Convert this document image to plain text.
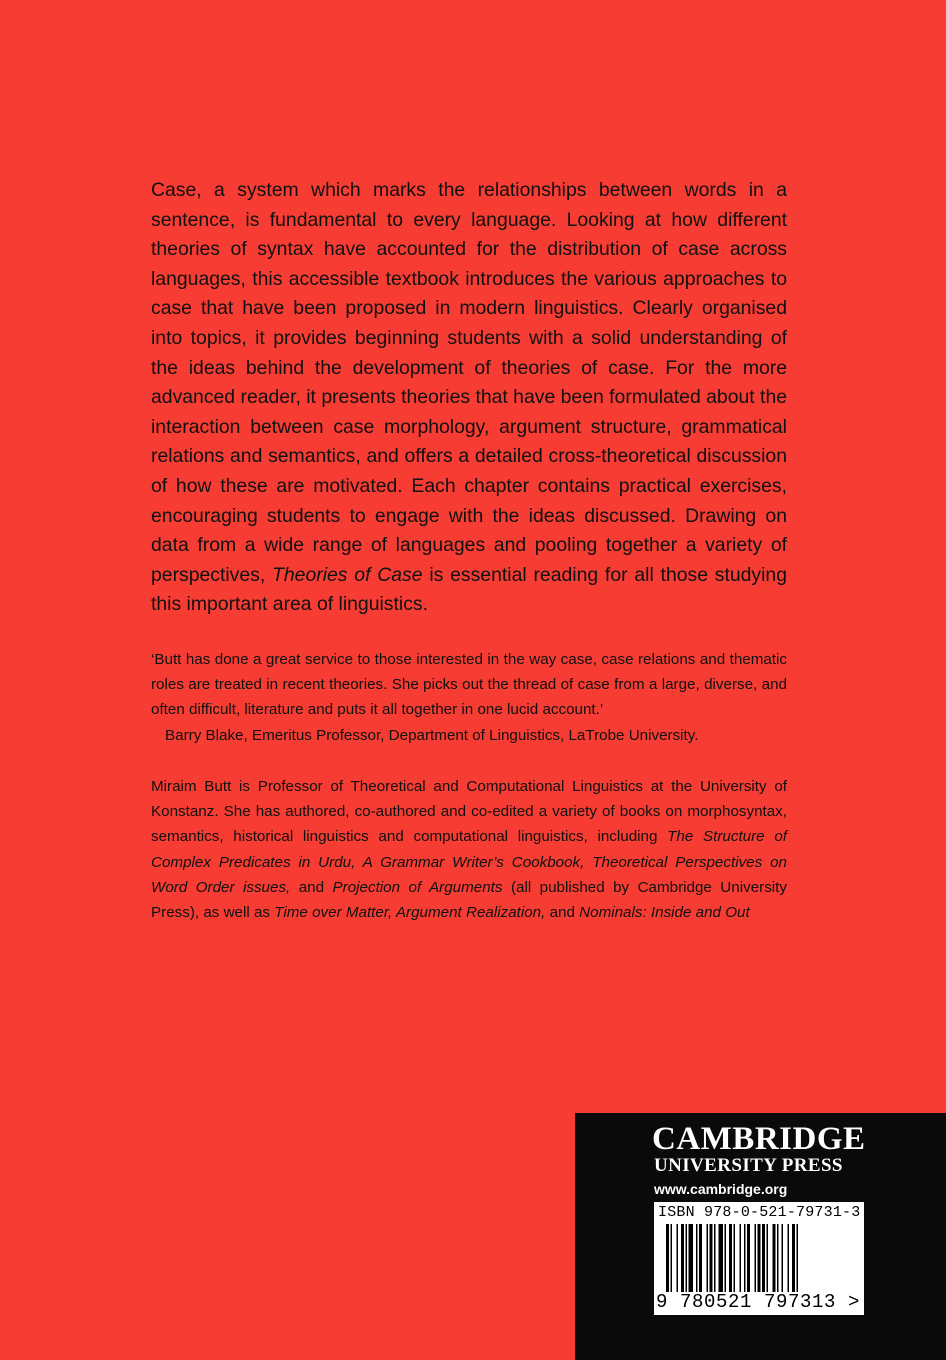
Case, a system which marks the relationships between words in a sentence, is fundamental to every language. Looking at how different theories of syntax have accounted for the distribution of case across languages, this accessible textbook introduces the various approaches to case that have been proposed in modern linguistics. Clearly organised into topics, it provides beginning students with a solid understanding of the ideas behind the development of theories of case. For the more advanced reader, it presents theories that have been formulated about the interaction between case morphology, argument structure, grammatical relations and semantics, and offers a detailed cross-theoretical discussion of how these are motivated. Each chapter contains practical exercises, encouraging students to engage with the ideas discussed. Drawing on data from a wide range of languages and pooling together a variety of perspectives, Theories of Case is essential reading for all those studying this important area of linguistics.

‘Butt has done a great service to those interested in the way case, case relations and thematic roles are treated in recent theories. She picks out the thread of case from a large, diverse, and often difficult, literature and puts it all together in one lucid account.’
Barry Blake, Emeritus Professor, Department of Linguistics, LaTrobe University.

Miraim Butt is Professor of Theoretical and Computational Linguistics at the University of Konstanz. She has authored, co-authored and co-edited a variety of books on morphosyntax, semantics, historical linguistics and computational linguistics, including The Structure of Complex Predicates in Urdu, A Grammar Writer’s Cookbook, Theoretical Perspectives on Word Order issues, and Projection of Arguments (all published by Cambridge University Press), as well as Time over Matter, Argument Realization, and Nominals: Inside and Out

CAMBRIDGE

UNIVERSITY PRESS

www.cambridge.org

ISBN 978-0-521-79731-3

9 780521 797313 >
